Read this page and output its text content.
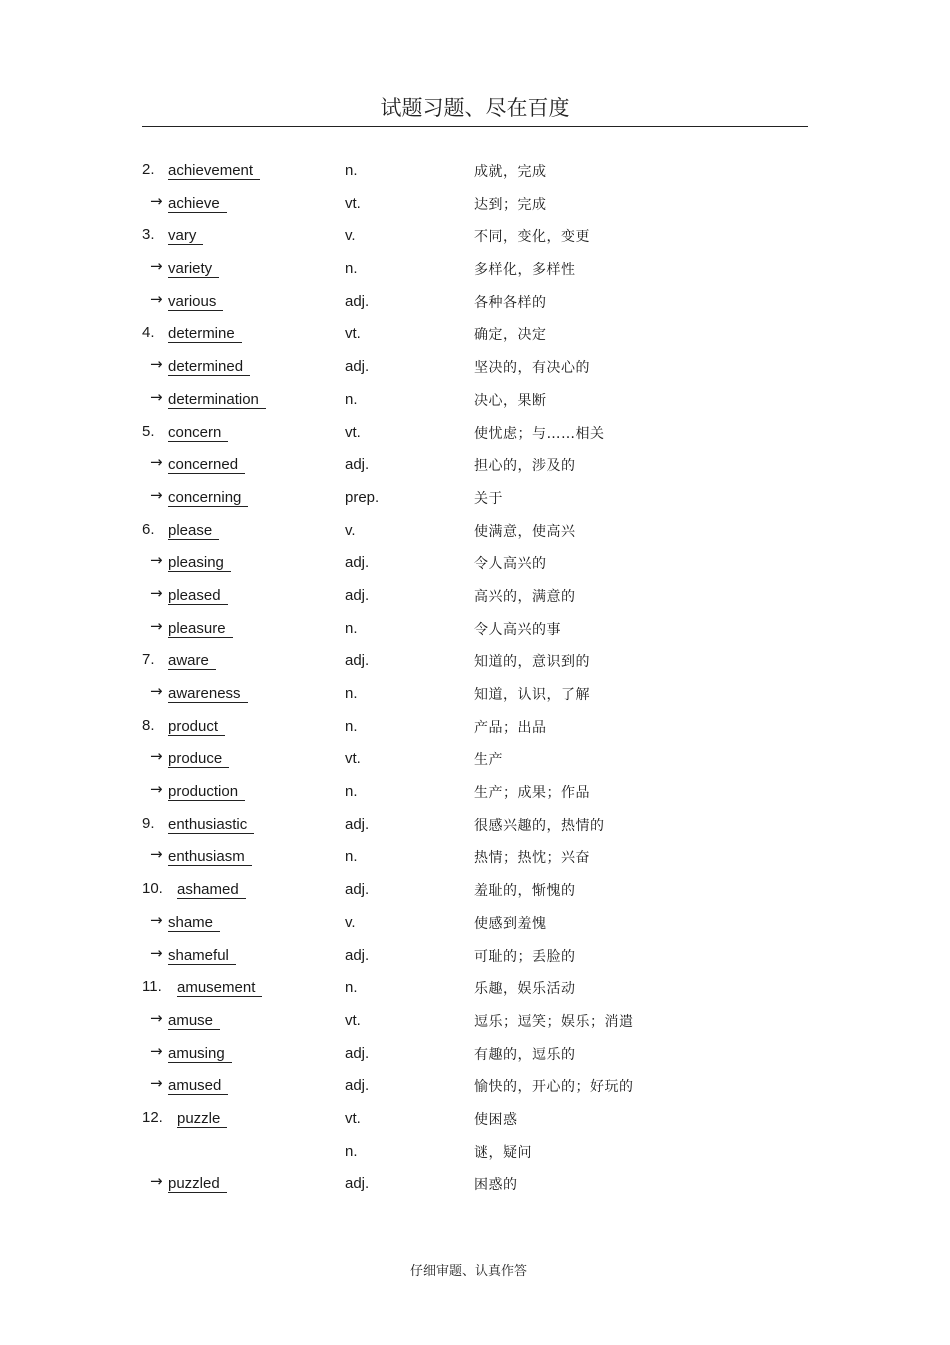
试题习题、尽在百度
2. achievement	n.	成就，完成
→ achieve	vt.	达到；完成
3. vary	v.	不同，变化，变更
→ variety	n.	多样化，多样性
→ various	adj.	各种各样的
4. determine	vt.	确定，决定
→ determined	adj.	坚决的，有决心的
→ determination	n.	决心，果断
5. concern	vt.	使忧虑；与……相关
→ concerned	adj.	担心的，涉及的
→ concerning	prep.	关于
6. please	v.	使满意，使高兴
→ pleasing	adj.	令人高兴的
→ pleased	adj.	高兴的，满意的
→ pleasure	n.	令人高兴的事
7. aware	adj.	知道的，意识到的
→ awareness	n.	知道，认识，了解
8. product	n.	产品；出品
→ produce	vt.	生产
→ production	n.	生产；成果；作品
9. enthusiastic	adj.	很感兴趣的，热情的
→ enthusiasm	n.	热情；热忱；兴奋
10. ashamed	adj.	羞耻的，惭愧的
→ shame	v.	使感到羞愧
→ shameful	adj.	可耻的；丢脸的
11. amusement	n.	乐趣，娱乐活动
→ amuse	vt.	逗乐；逗笑；娱乐；消遣
→ amusing	adj.	有趣的，逗乐的
→ amused	adj.	愉快的，开心的；好玩的
12. puzzle	vt.	使困惑
n.	谜，疑问
→ puzzled	adj.	困惑的
仔细审题、认真作答
